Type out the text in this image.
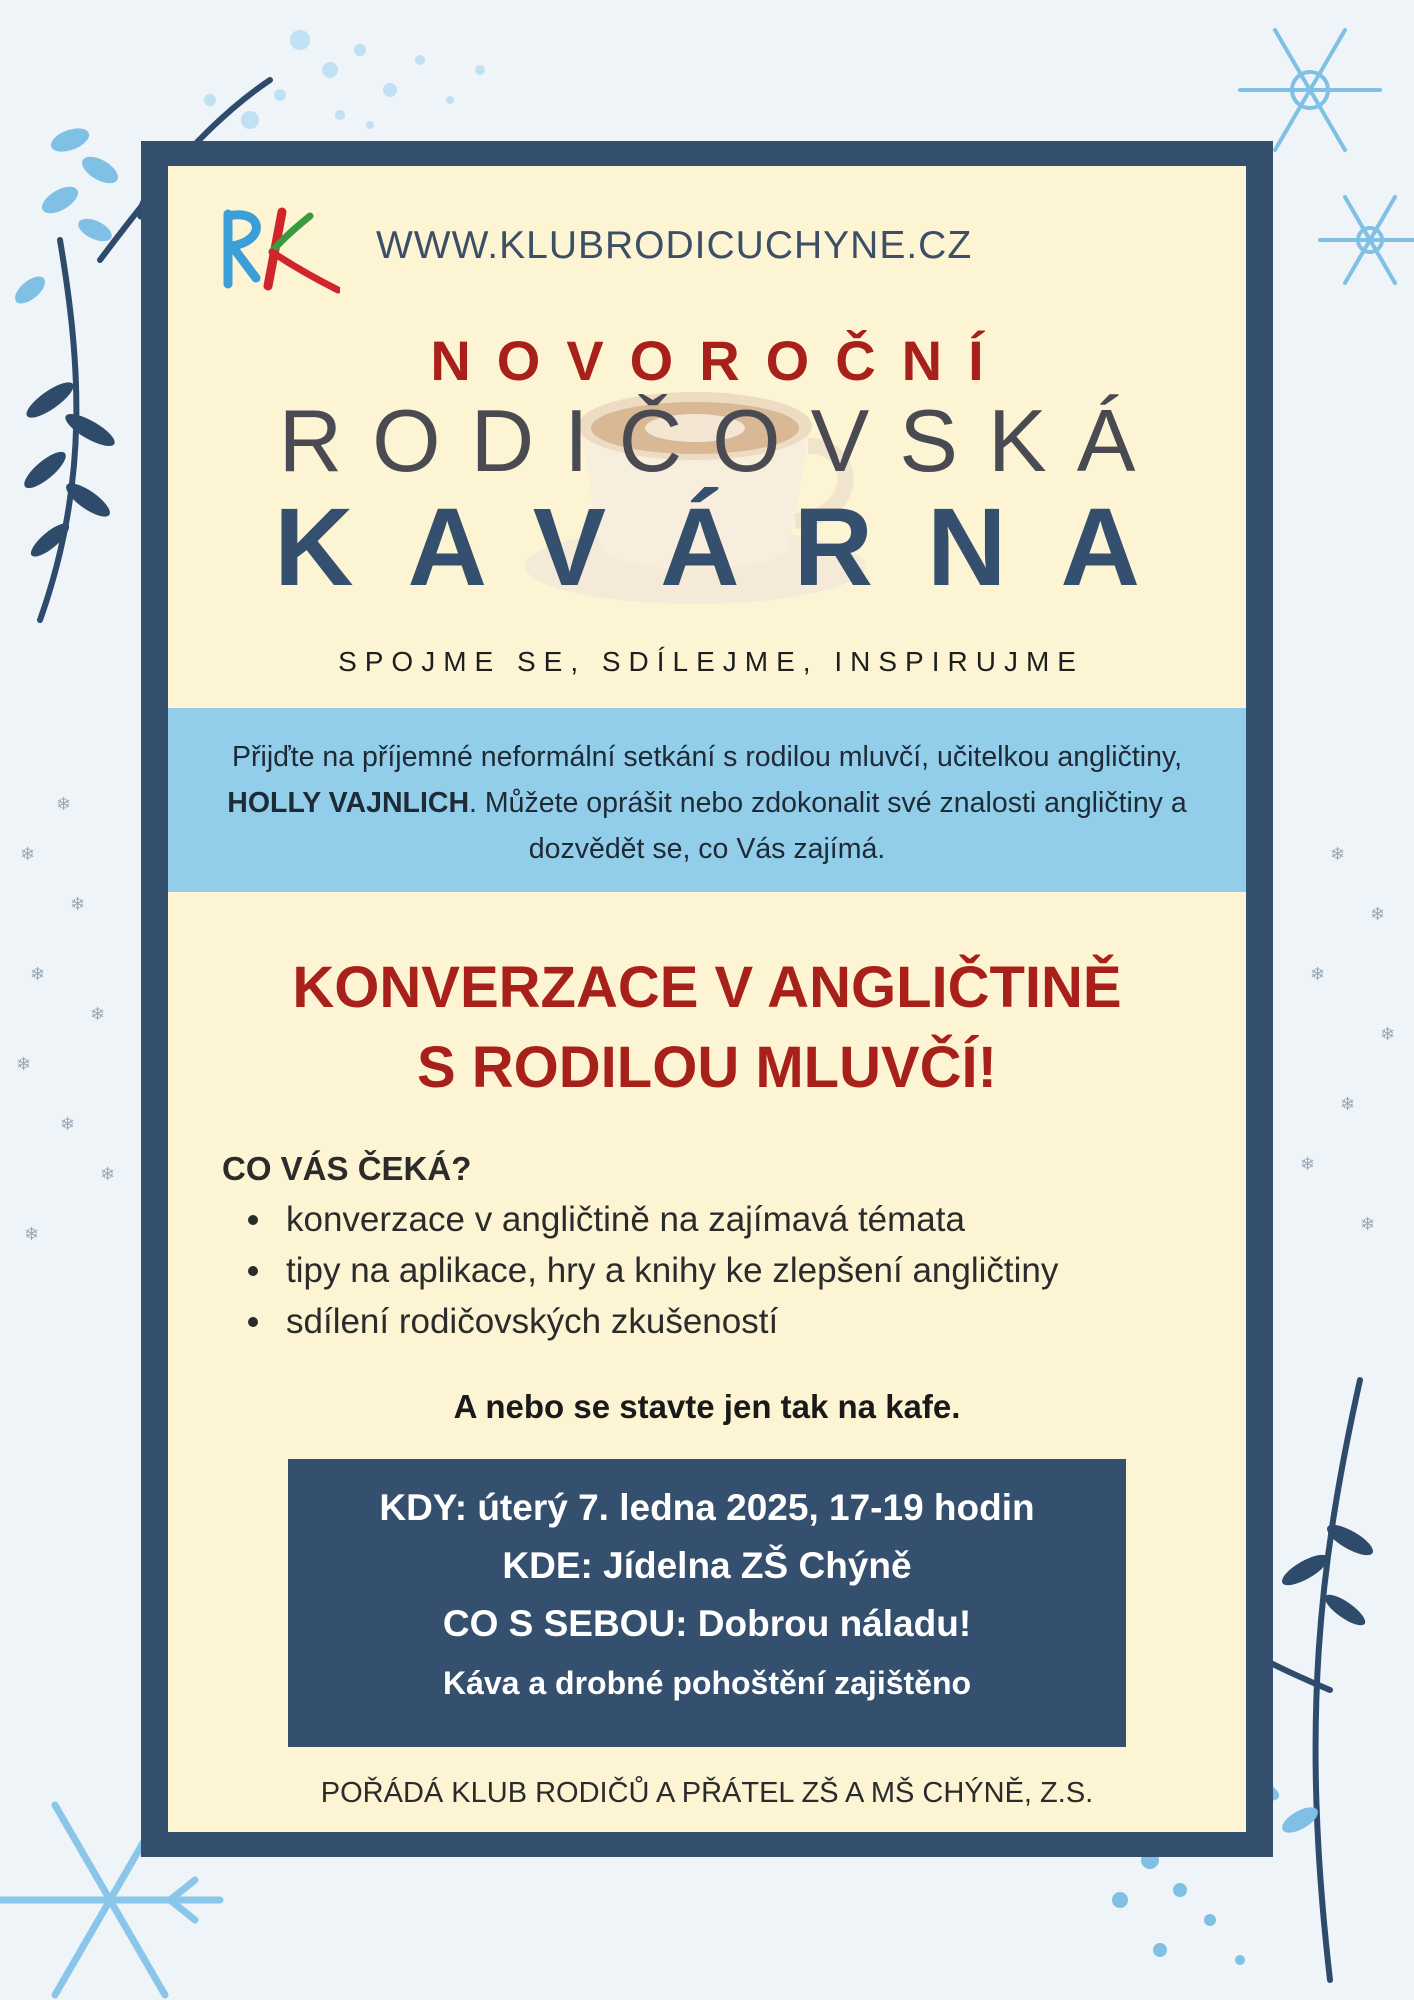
❄
❄
❄
❄
❄
❄
❄
❄
❄
❄
❄
❄
❄
❄
❄
❄
WWW.KLUBRODICUCHYNE.CZ
NOVOROČNÍ
RODIČOVSKÁ
KAVÁRNA
SPOJME SE, SDÍLEJME, INSPIRUJME

Přijďte na příjemné neformální setkání s rodilou mluvčí, učitelkou angličtiny, HOLLY VAJNLICH. Můžete oprášit nebo zdokonalit své znalosti angličtiny a dozvědět se, co Vás zajímá.

KONVERZACE V ANGLIČTINĚ
S RODILOU MLUVČÍ!
CO VÁS ČEKÁ?
konverzace v angličtině na zajímavá témata
tipy na aplikace, hry a knihy ke zlepšení angličtiny
sdílení rodičovských zkušeností
A nebo se stavte jen tak na kafe.
KDY: úterý 7. ledna 2025, 17-19 hodin
KDE: Jídelna ZŠ Chýně
CO S SEBOU: Dobrou náladu!
Káva a drobné pohoštění zajištěno
POŘÁDÁ KLUB RODIČŮ A PŘÁTEL ZŠ A MŠ CHÝNĚ, Z.S.
